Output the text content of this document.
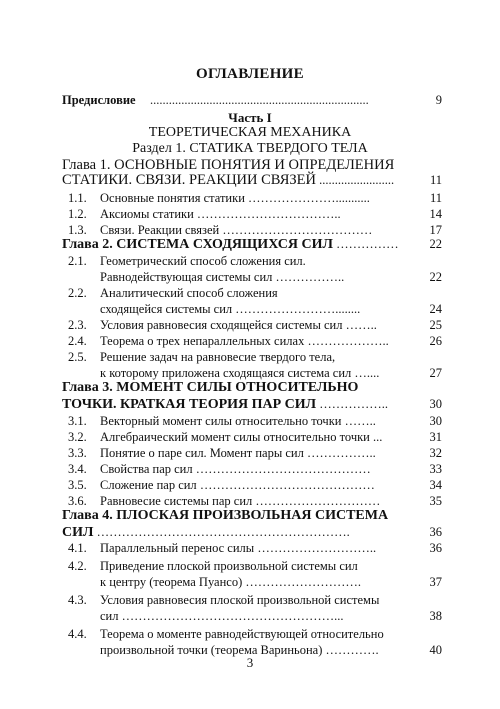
ОГЛАВЛЕНИЕ
Предисловие ......................................................................	9
Часть I
ТЕОРЕТИЧЕСКАЯ МЕХАНИКА
Раздел 1. СТАТИКА ТВЕРДОГО ТЕЛА
Глава 1. ОСНОВНЫЕ ПОНЯТИЯ И ОПРЕДЕЛЕНИЯ
СТАТИКИ. СВЯЗИ. РЕАКЦИИ СВЯЗЕЙ ........................	11
1.1. Основные понятия статики …………………...........	11
1.2. Аксиомы статики ……………………………..	14
1.3. Связи. Реакции связей ………………………………	17
Глава 2. СИСТЕМА СХОДЯЩИХСЯ СИЛ …………… 22
2.1. Геометрический способ сложения сил.
Равнодействующая системы сил ……………..	22
2.2. Аналитический способ сложения
сходящейся системы сил ……………………........	24
2.3. Условия равновесия сходящейся системы сил ……..	25
2.4. Теорема о трех непараллельных силах ………………..	26
2.5. Решение задач на равновесие твердого тела,
к которому приложена сходящаяся система сил …....	27
Глава 3. МОМЕНТ СИЛЫ ОТНОСИТЕЛЬНО
ТОЧКИ. КРАТКАЯ ТЕОРИЯ ПАР СИЛ ……………..	30
3.1. Векторный момент силы относительно точки ……..	30
3.2. Алгебраический момент силы относительно точки ...	31
3.3. Понятие о паре сил. Момент пары сил ……………..	32
3.4. Свойства пар сил ……………………………………	33
3.5. Сложение пар сил ……………………………………	34
3.6. Равновесие системы пар сил …………………………	35
Глава 4. ПЛОСКАЯ ПРОИЗВОЛЬНАЯ СИСТЕМА
СИЛ …………………………………………………….	36
4.1. Параллельный перенос силы ………………………..	36
4.2. Приведение плоской произвольной системы сил
к центру (теорема Пуансо) ……………………….	37
4.3. Условия равновесия плоской произвольной системы
сил ……………………………………………...	38
4.4. Теорема о моменте равнодействующей относительно
произвольной точки (теорема Вариньона) ………….	40
3
